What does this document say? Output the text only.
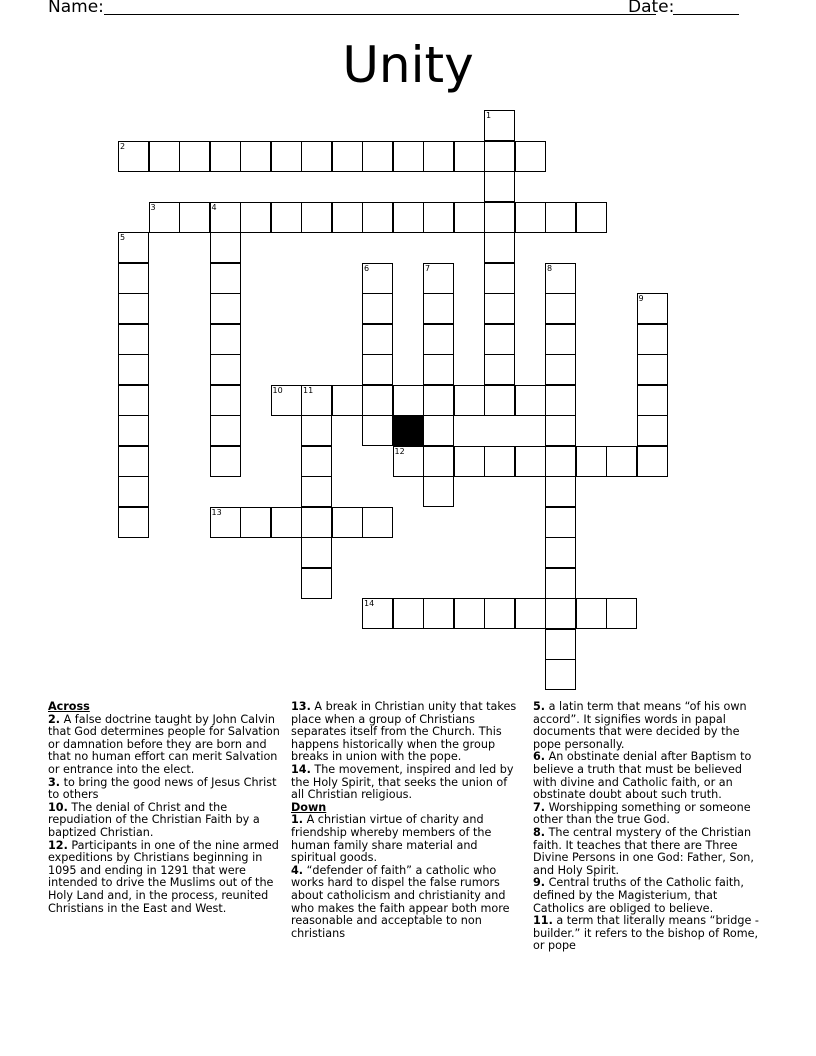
Name:	Date:
Unity
1
2
3	4
5
6	7	8
9
10	11
12
13
14
Across
2. A false doctrine taught by John Calvin that God determines people for Salvation or damnation before they are born and that no human effort can merit Salvation or entrance into the elect.
3. to bring the good news of Jesus Christ to others
10. The denial of Christ and the repudiation of the Christian Faith by a baptized Christian.
12. Participants in one of the nine armed expeditions by Christians beginning in 1095 and ending in 1291 that were intended to drive the Muslims out of the Holy Land and, in the process, reunited Christians in the East and West.
13. A break in Christian unity that takes place when a group of Christians separates itself from the Church. This happens historically when the group breaks in union with the pope.
14. The movement, inspired and led by the Holy Spirit, that seeks the union of all Christian religious.
Down
1. A christian virtue of charity and friendship whereby members of the human family share material and spiritual goods.
4. “defender of faith” a catholic who works hard to dispel the false rumors about catholicism and christianity and who makes the faith appear both more reasonable and acceptable to non christians
5. a latin term that means “of his own accord”. It signifies words in papal documents that were decided by the pope personally.
6. An obstinate denial after Baptism to believe a truth that must be believed with divine and Catholic faith, or an obstinate doubt about such truth.
7. Worshipping something or someone other than the true God.
8. The central mystery of the Christian faith. It teaches that there are Three Divine Persons in one God: Father, Son, and Holy Spirit.
9. Central truths of the Catholic faith, defined by the Magisterium, that Catholics are obliged to believe.
11. a term that literally means “bridge - builder.” it refers to the bishop of Rome, or pope
